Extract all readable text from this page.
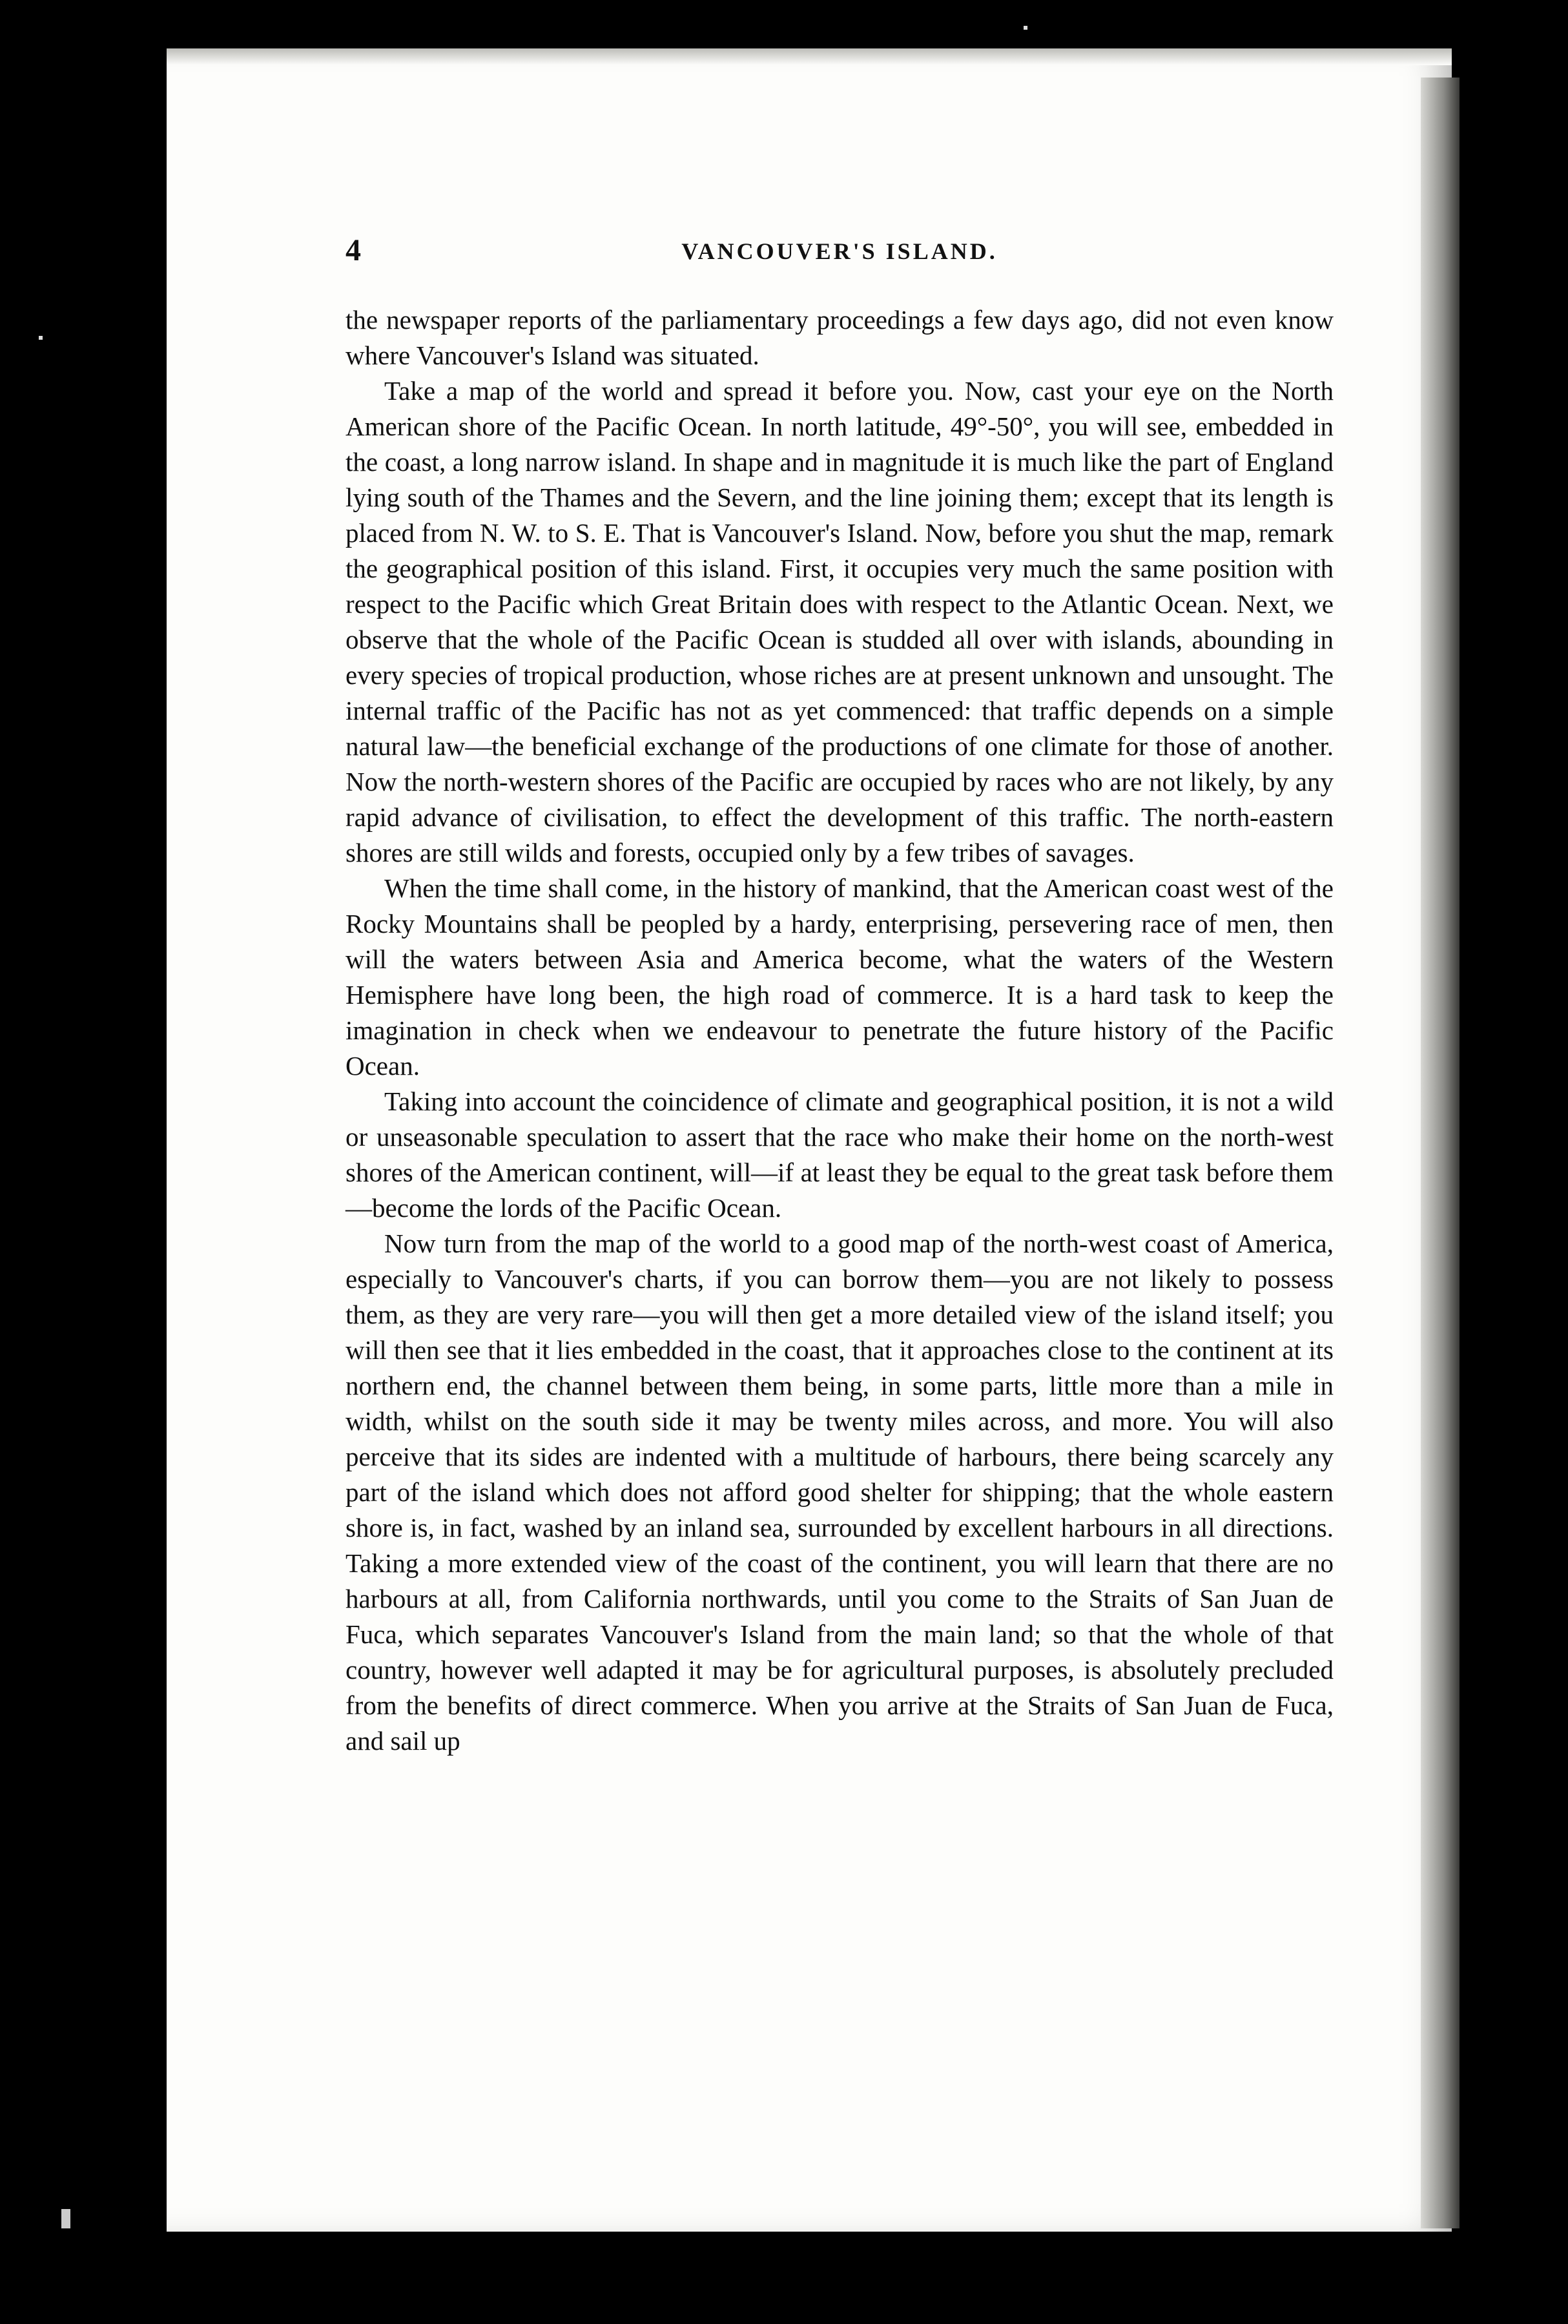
4	VANCOUVER'S ISLAND.

the newspaper reports of the parliamentary proceedings a few days ago, did not even know where Vancouver's Island was situated.

Take a map of the world and spread it before you. Now, cast your eye on the North American shore of the Pacific Ocean. In north latitude, 49°-50°, you will see, embedded in the coast, a long narrow island. In shape and in magnitude it is much like the part of England lying south of the Thames and the Severn, and the line joining them; except that its length is placed from N. W. to S. E. That is Vancouver's Island. Now, before you shut the map, remark the geographical position of this island. First, it occupies very much the same position with respect to the Pacific which Great Britain does with respect to the Atlantic Ocean. Next, we observe that the whole of the Pacific Ocean is studded all over with islands, abounding in every species of tropical production, whose riches are at present unknown and unsought. The internal traffic of the Pacific has not as yet commenced: that traffic depends on a simple natural law—the beneficial exchange of the productions of one climate for those of another. Now the north-western shores of the Pacific are occupied by races who are not likely, by any rapid advance of civilisation, to effect the development of this traffic. The north-eastern shores are still wilds and forests, occupied only by a few tribes of savages.

When the time shall come, in the history of mankind, that the American coast west of the Rocky Mountains shall be peopled by a hardy, enterprising, persevering race of men, then will the waters between Asia and America become, what the waters of the Western Hemisphere have long been, the high road of commerce. It is a hard task to keep the imagination in check when we endeavour to penetrate the future history of the Pacific Ocean.

Taking into account the coincidence of climate and geographical position, it is not a wild or unseasonable speculation to assert that the race who make their home on the north-west shores of the American continent, will—if at least they be equal to the great task before them—become the lords of the Pacific Ocean.

Now turn from the map of the world to a good map of the north-west coast of America, especially to Vancouver's charts, if you can borrow them—you are not likely to possess them, as they are very rare—you will then get a more detailed view of the island itself; you will then see that it lies embedded in the coast, that it approaches close to the continent at its northern end, the channel between them being, in some parts, little more than a mile in width, whilst on the south side it may be twenty miles across, and more. You will also perceive that its sides are indented with a multitude of harbours, there being scarcely any part of the island which does not afford good shelter for shipping; that the whole eastern shore is, in fact, washed by an inland sea, surrounded by excellent harbours in all directions. Taking a more extended view of the coast of the continent, you will learn that there are no harbours at all, from California northwards, until you come to the Straits of San Juan de Fuca, which separates Vancouver's Island from the main land; so that the whole of that country, however well adapted it may be for agricultural purposes, is absolutely precluded from the benefits of direct commerce. When you arrive at the Straits of San Juan de Fuca, and sail up
